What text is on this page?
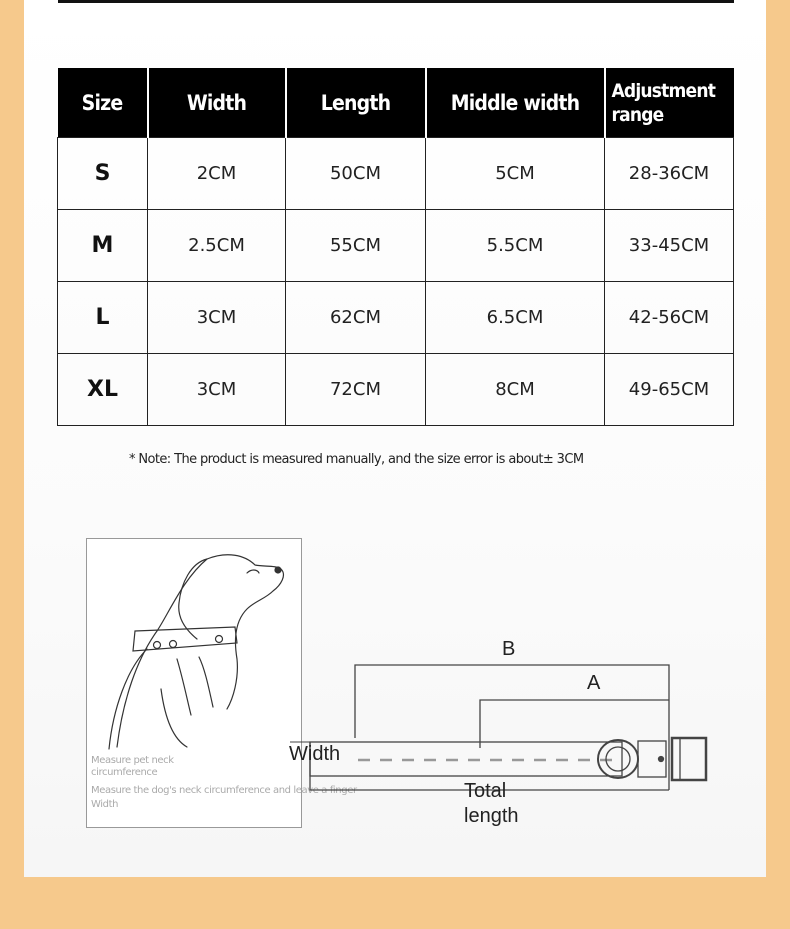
Size	Width	Length	Middle width	Adjustment range
S	2CM	50CM	5CM	28-36CM
M	2.5CM	55CM	5.5CM	33-45CM
L	3CM	62CM	6.5CM	42-56CM
XL	3CM	72CM	8CM	49-65CM
* Note: The product is measured manually, and the size error is about± 3CM
Measure pet neck circumference
Measure the dog's neck circumference and leave a finger
Width
B
A
Width
Total
length
